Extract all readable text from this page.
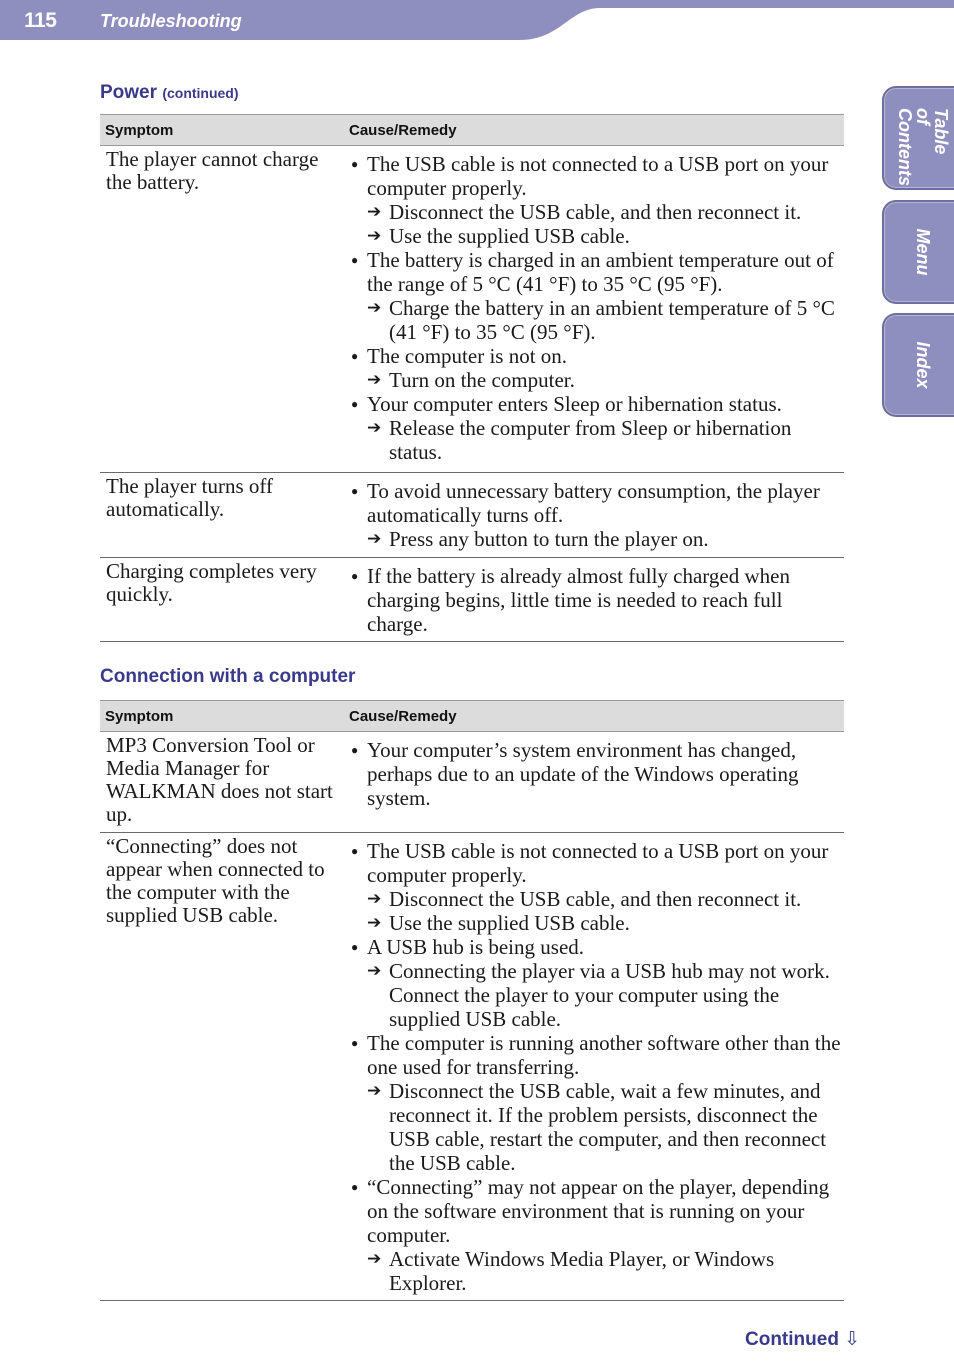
115 Troubleshooting
Table of Contents
Menu
Index
Power (continued)
Symptom	Cause/Remedy
The player cannot charge the battery.
● The USB cable is not connected to a USB port on your computer properly.
➔ Disconnect the USB cable, and then reconnect it.
➔ Use the supplied USB cable.
● The battery is charged in an ambient temperature out of the range of 5 °C (41 °F) to 35 °C (95 °F).
➔ Charge the battery in an ambient temperature of 5 °C (41 °F) to 35 °C (95 °F).
● The computer is not on.
➔ Turn on the computer.
● Your computer enters Sleep or hibernation status.
➔ Release the computer from Sleep or hibernation status.
The player turns off automatically.
● To avoid unnecessary battery consumption, the player automatically turns off.
➔ Press any button to turn the player on.
Charging completes very quickly.
● If the battery is already almost fully charged when charging begins, little time is needed to reach full charge.
Connection with a computer
Symptom	Cause/Remedy
MP3 Conversion Tool or Media Manager for WALKMAN does not start up.
● Your computer’s system environment has changed, perhaps due to an update of the Windows operating system.
“Connecting” does not appear when connected to the computer with the supplied USB cable.
● The USB cable is not connected to a USB port on your computer properly.
➔ Disconnect the USB cable, and then reconnect it.
➔ Use the supplied USB cable.
● A USB hub is being used.
➔ Connecting the player via a USB hub may not work. Connect the player to your computer using the supplied USB cable.
● The computer is running another software other than the one used for transferring.
➔ Disconnect the USB cable, wait a few minutes, and reconnect it. If the problem persists, disconnect the USB cable, restart the computer, and then reconnect the USB cable.
● “Connecting” may not appear on the player, depending on the software environment that is running on your computer.
➔ Activate Windows Media Player, or Windows Explorer.
Continued ⇩
